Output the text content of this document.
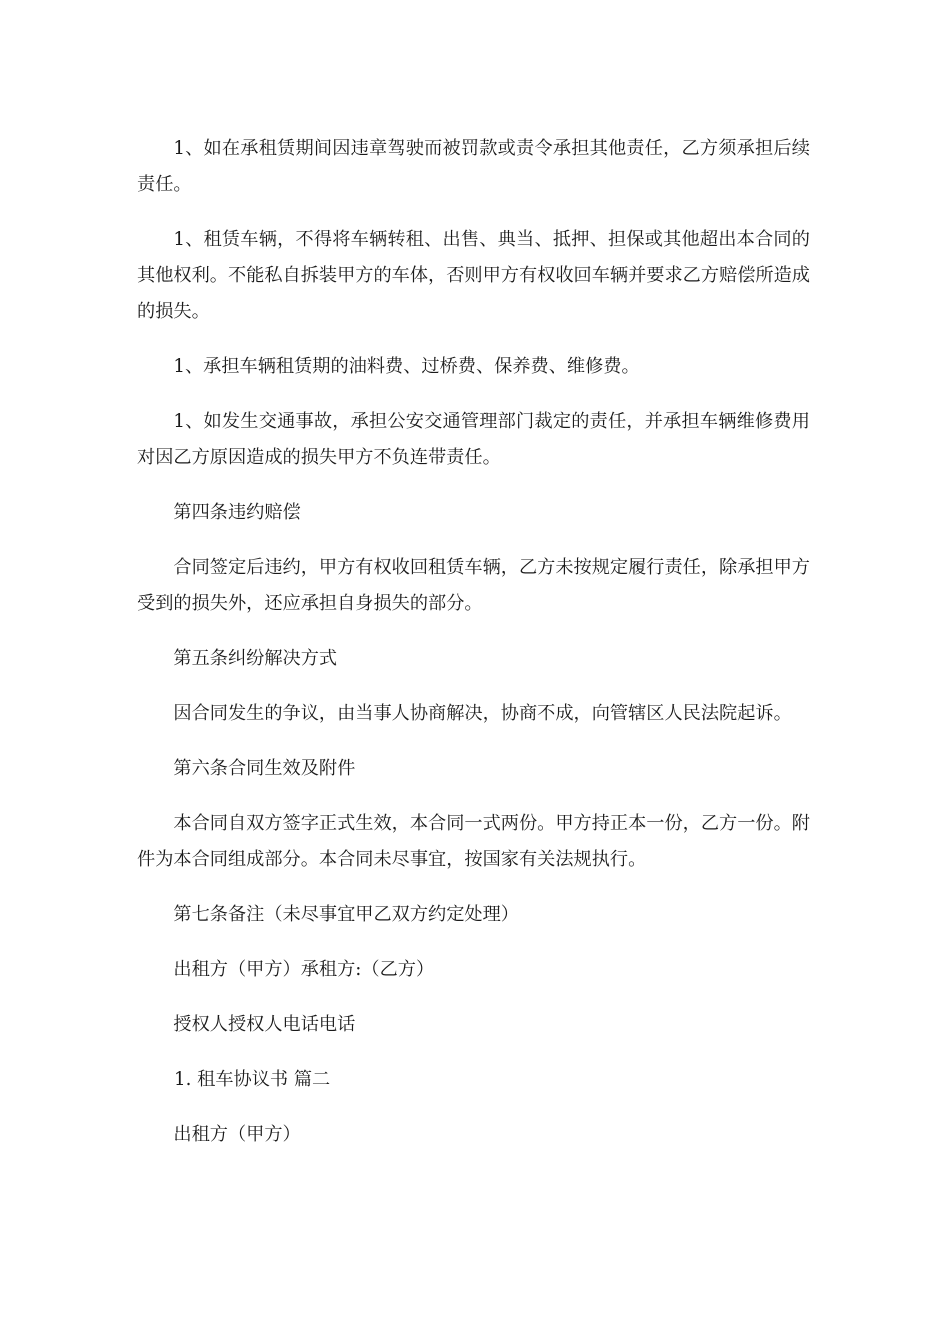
1、如在承租赁期间因违章驾驶而被罚款或责令承担其他责任，乙方须承担后续责任。

1、租赁车辆，不得将车辆转租、出售、典当、抵押、担保或其他超出本合同的其他权利。不能私自拆装甲方的车体，否则甲方有权收回车辆并要求乙方赔偿所造成的损失。

1、承担车辆租赁期的油料费、过桥费、保养费、维修费。

1、如发生交通事故，承担公安交通管理部门裁定的责任，并承担车辆维修费用对因乙方原因造成的损失甲方不负连带责任。

第四条违约赔偿

合同签定后违约，甲方有权收回租赁车辆，乙方未按规定履行责任，除承担甲方受到的损失外，还应承担自身损失的部分。

第五条纠纷解决方式

因合同发生的争议，由当事人协商解决，协商不成，向管辖区人民法院起诉。

第六条合同生效及附件

本合同自双方签字正式生效，本合同一式两份。甲方持正本一份，乙方一份。附件为本合同组成部分。本合同未尽事宜，按国家有关法规执行。

第七条备注（未尽事宜甲乙双方约定处理）

出租方（甲方）承租方:（乙方）

授权人授权人电话电话

1. 租车协议书 篇二

出租方（甲方）
